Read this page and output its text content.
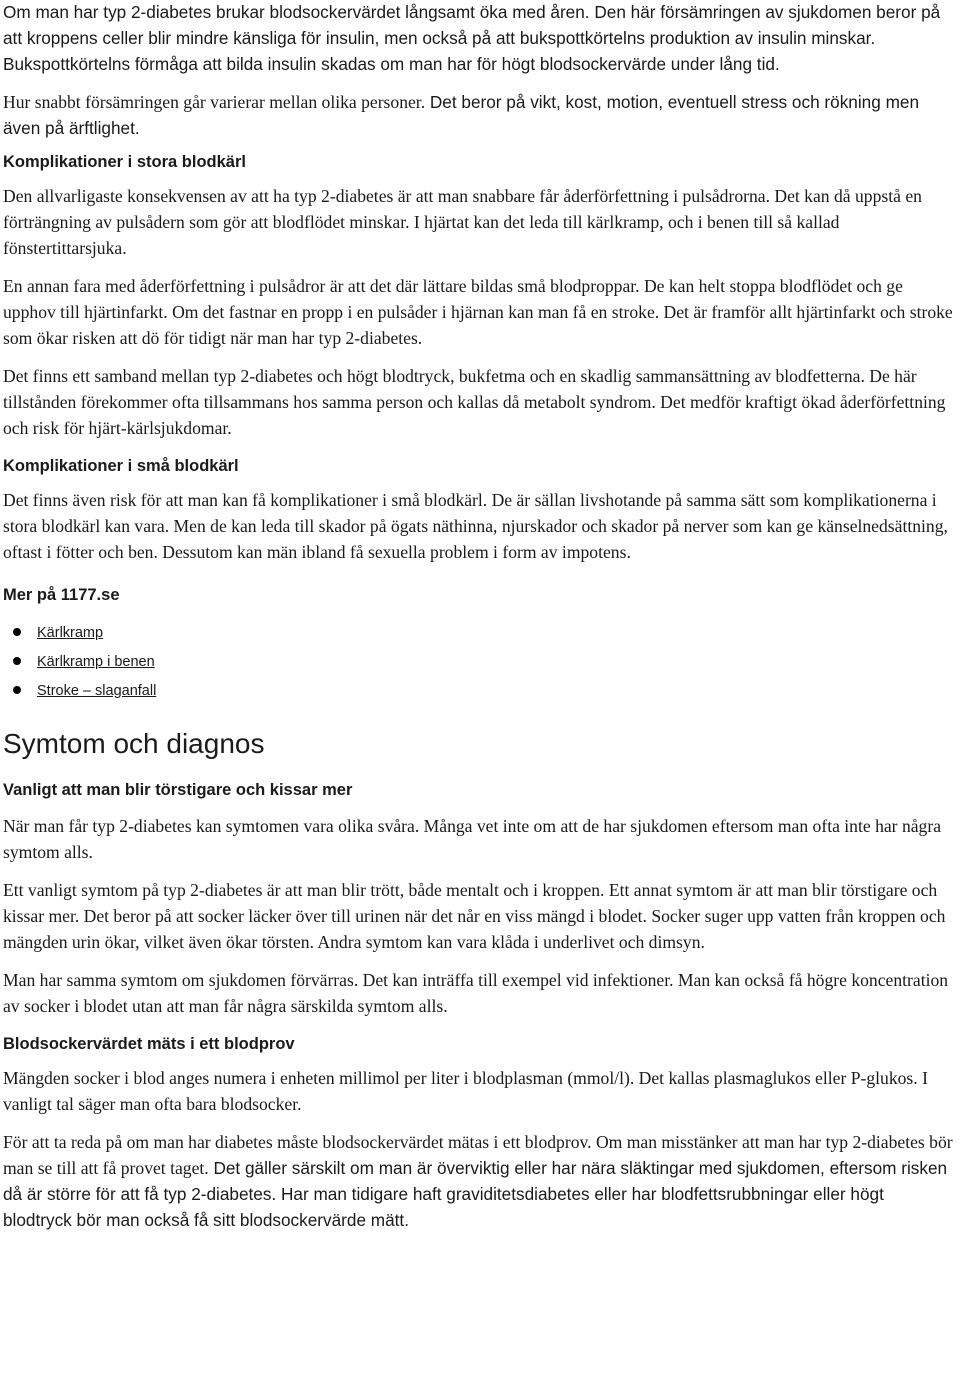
Om man har typ 2-diabetes brukar blodsockervärdet långsamt öka med åren. Den här försämringen av sjukdomen beror på att kroppens celler blir mindre känsliga för insulin, men också på att bukspottkörtelns produktion av insulin minskar. Bukspottkörtelns förmåga att bilda insulin skadas om man har för högt blodsockervärde under lång tid.

Hur snabbt försämringen går varierar mellan olika personer. Det beror på vikt, kost, motion, eventuell stress och rökning men även på ärftlighet.

Komplikationer i stora blodkärl

Den allvarligaste konsekvensen av att ha typ 2-diabetes är att man snabbare får åderförfettning i pulsådrorna. Det kan då uppstå en förträngning av pulsådern som gör att blodflödet minskar. I hjärtat kan det leda till kärlkramp, och i benen till så kallad fönstertittarsjuka.

En annan fara med åderförfettning i pulsådror är att det där lättare bildas små blodproppar. De kan helt stoppa blodflödet och ge upphov till hjärtinfarkt. Om det fastnar en propp i en pulsåder i hjärnan kan man få en stroke. Det är framför allt hjärtinfarkt och stroke som ökar risken att dö för tidigt när man har typ 2-diabetes.

Det finns ett samband mellan typ 2-diabetes och högt blodtryck, bukfetma och en skadlig sammansättning av blodfetterna. De här tillstånden förekommer ofta tillsammans hos samma person och kallas då metabolt syndrom. Det medför kraftigt ökad åderförfettning och risk för hjärt-kärlsjukdomar.

Komplikationer i små blodkärl

Det finns även risk för att man kan få komplikationer i små blodkärl. De är sällan livshotande på samma sätt som komplikationerna i stora blodkärl kan vara. Men de kan leda till skador på ögats näthinna, njurskador och skador på nerver som kan ge känselnedsättning, oftast i fötter och ben. Dessutom kan män ibland få sexuella problem i form av impotens.

Mer på 1177.se
Kärlkramp
Kärlkramp i benen
Stroke – slaganfall
Symtom och diagnos
Vanligt att man blir törstigare och kissar mer

När man får typ 2-diabetes kan symtomen vara olika svåra. Många vet inte om att de har sjukdomen eftersom man ofta inte har några symtom alls.

Ett vanligt symtom på typ 2-diabetes är att man blir trött, både mentalt och i kroppen. Ett annat symtom är att man blir törstigare och kissar mer. Det beror på att socker läcker över till urinen när det når en viss mängd i blodet. Socker suger upp vatten från kroppen och mängden urin ökar, vilket även ökar törsten. Andra symtom kan vara klåda i underlivet och dimsyn.

Man har samma symtom om sjukdomen förvärras. Det kan inträffa till exempel vid infektioner. Man kan också få högre koncentration av socker i blodet utan att man får några särskilda symtom alls.

Blodsockervärdet mäts i ett blodprov

Mängden socker i blod anges numera i enheten millimol per liter i blodplasman (mmol/l). Det kallas plasmaglukos eller P-glukos. I vanligt tal säger man ofta bara blodsocker.

För att ta reda på om man har diabetes måste blodsockervärdet mätas i ett blodprov. Om man misstänker att man har typ 2-diabetes bör man se till att få provet taget. Det gäller särskilt om man är överviktig eller har nära släktingar med sjukdomen, eftersom risken då är större för att få typ 2-diabetes. Har man tidigare haft graviditetsdiabetes eller har blodfettsrubbningar eller högt blodtryck bör man också få sitt blodsockervärde mätt.
